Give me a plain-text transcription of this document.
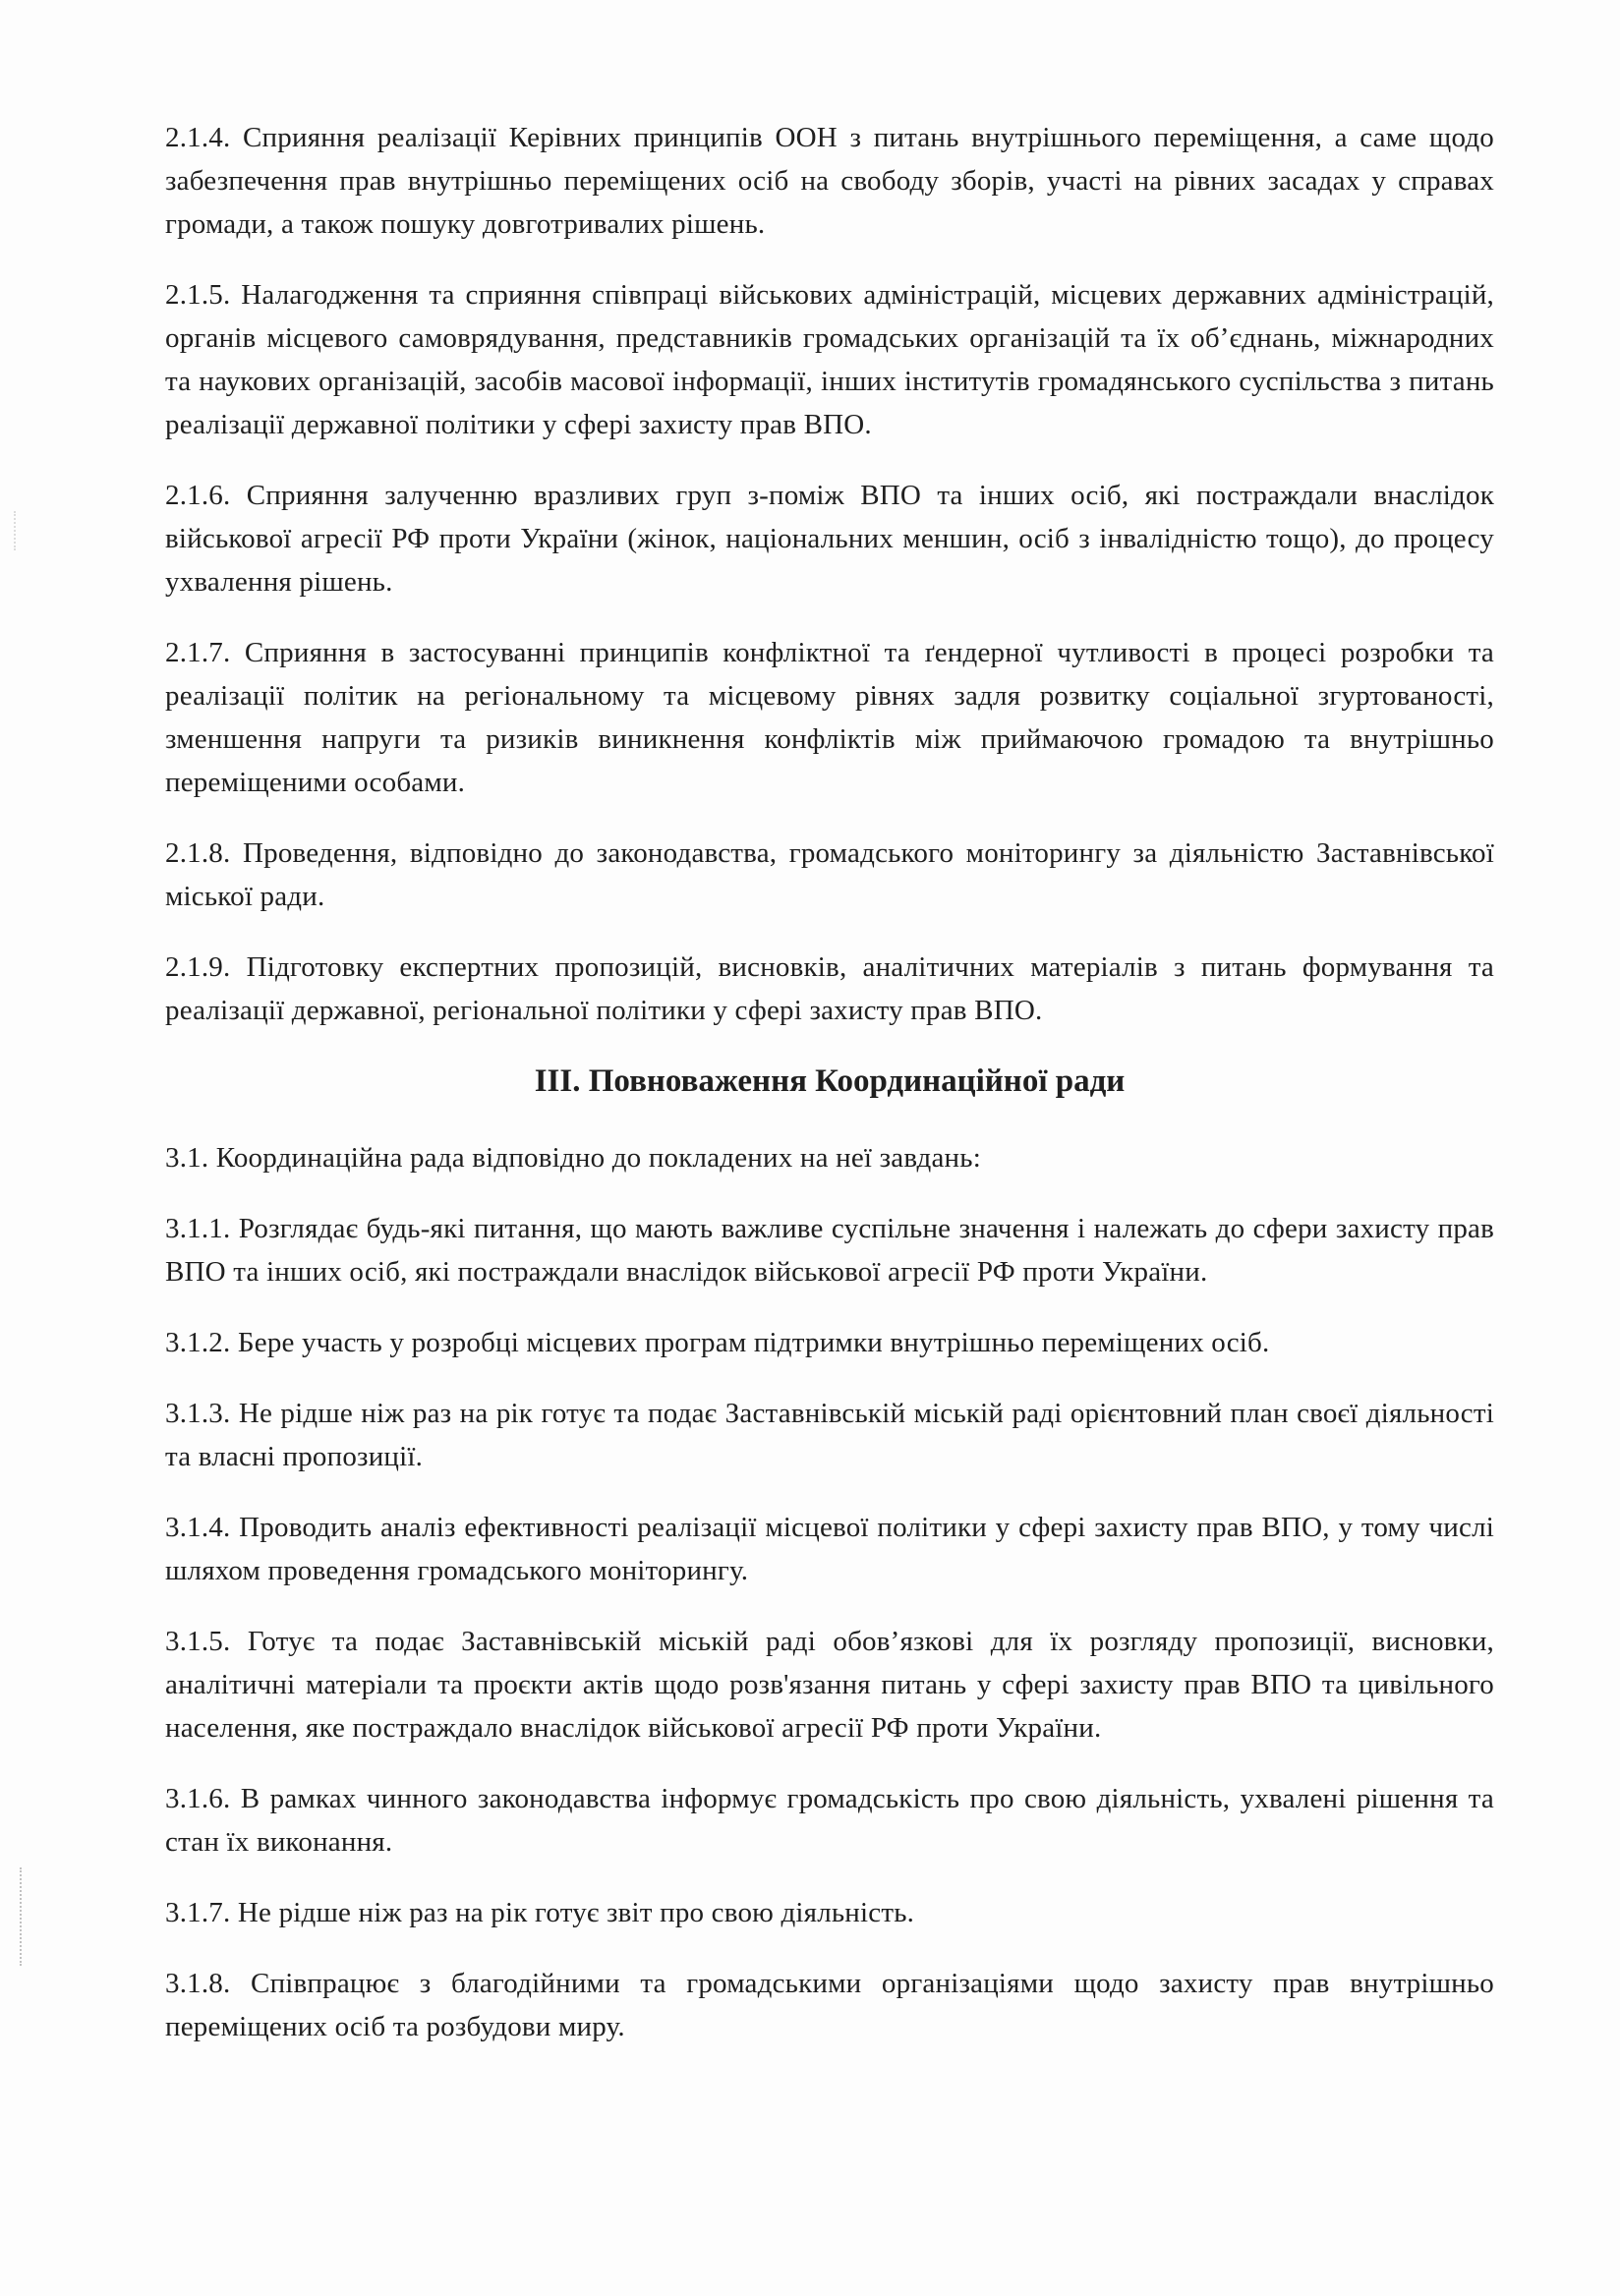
2.1.4. Сприяння реалізації Керівних принципів ООН з питань внутрішнього переміщення, а саме щодо забезпечення прав внутрішньо переміщених осіб на свободу зборів, участі на рівних засадах у справах громади, а також пошуку довготривалих рішень.

2.1.5. Налагодження та сприяння співпраці військових адміністрацій, місцевих державних адміністрацій, органів місцевого самоврядування, представників громадських організацій та їх об’єднань, міжнародних та наукових організацій, засобів масової інформації, інших інститутів громадянського суспільства з питань реалізації державної політики у сфері захисту прав ВПО.

2.1.6. Сприяння залученню вразливих груп з-поміж ВПО та інших осіб, які постраждали внаслідок військової агресії РФ проти України (жінок, національних меншин, осіб з інвалідністю тощо), до процесу ухвалення рішень.

2.1.7. Сприяння в застосуванні принципів конфліктної та ґендерної чутливості в процесі розробки та реалізації політик на регіональному та місцевому рівнях задля розвитку соціальної згуртованості, зменшення напруги та ризиків виникнення конфліктів між приймаючою громадою та внутрішньо переміщеними особами.

2.1.8. Проведення, відповідно до законодавства, громадського моніторингу за діяльністю Заставнівської міської ради.

2.1.9. Підготовку експертних пропозицій, висновків, аналітичних матеріалів з питань формування та реалізації державної, регіональної політики у сфері захисту прав ВПО.

ІІІ. Повноваження Координаційної ради

3.1. Координаційна рада відповідно до покладених на неї завдань:

3.1.1. Розглядає будь-які питання, що мають важливе суспільне значення і належать до сфери захисту прав ВПО та інших осіб, які постраждали внаслідок військової агресії РФ проти України.

3.1.2. Бере участь у розробці місцевих програм підтримки внутрішньо переміщених осіб.

3.1.3. Не рідше ніж раз на рік готує та подає Заставнівській міській раді орієнтовний план своєї діяльності та власні пропозиції.

3.1.4. Проводить аналіз ефективності реалізації місцевої політики у сфері захисту прав ВПО, у тому числі шляхом проведення громадського моніторингу.

3.1.5. Готує та подає Заставнівській міській раді обов’язкові для їх розгляду пропозиції, висновки, аналітичні матеріали та проєкти актів щодо розв'язання питань у сфері захисту прав ВПО та цивільного населення, яке постраждало внаслідок військової агресії РФ проти України.

3.1.6. В рамках чинного законодавства інформує громадськість про свою діяльність, ухвалені рішення та стан їх виконання.

3.1.7. Не рідше ніж раз на рік готує звіт про свою діяльність.

3.1.8. Співпрацює з благодійними та громадськими організаціями щодо захисту прав внутрішньо переміщених осіб та розбудови миру.
